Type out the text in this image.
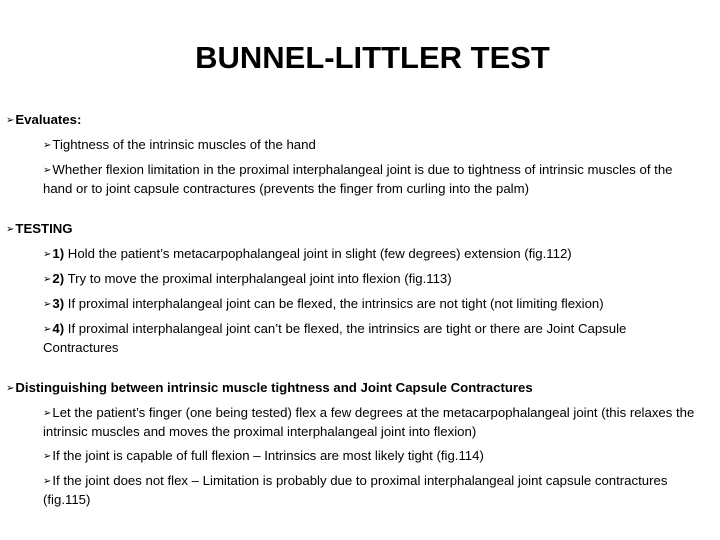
BUNNEL-LITTLER TEST

➢Evaluates:

➢Tightness of the intrinsic muscles of the hand

➢Whether flexion limitation in the proximal interphalangeal joint is due to tightness of intrinsic muscles of the hand or to joint capsule contractures (prevents the finger from curling into the palm)

➢TESTING

➢1) Hold the patient’s metacarpophalangeal joint in slight (few degrees) extension (fig.112)

➢2) Try to move the proximal interphalangeal joint into flexion (fig.113)

➢3) If proximal interphalangeal joint can be flexed, the intrinsics are not tight (not limiting flexion)

➢4) If proximal interphalangeal joint can’t be flexed, the intrinsics are tight or there are Joint Capsule Contractures

➢Distinguishing between intrinsic muscle tightness and Joint Capsule Contractures

➢Let the patient’s finger (one being tested) flex a few degrees at the metacarpophalangeal joint (this relaxes the intrinsic muscles and moves the proximal interphalangeal joint into flexion)

➢If the joint is capable of full flexion – Intrinsics are most likely tight (fig.114)

➢If the joint does not flex – Limitation is probably due to proximal interphalangeal joint capsule contractures (fig.115)
